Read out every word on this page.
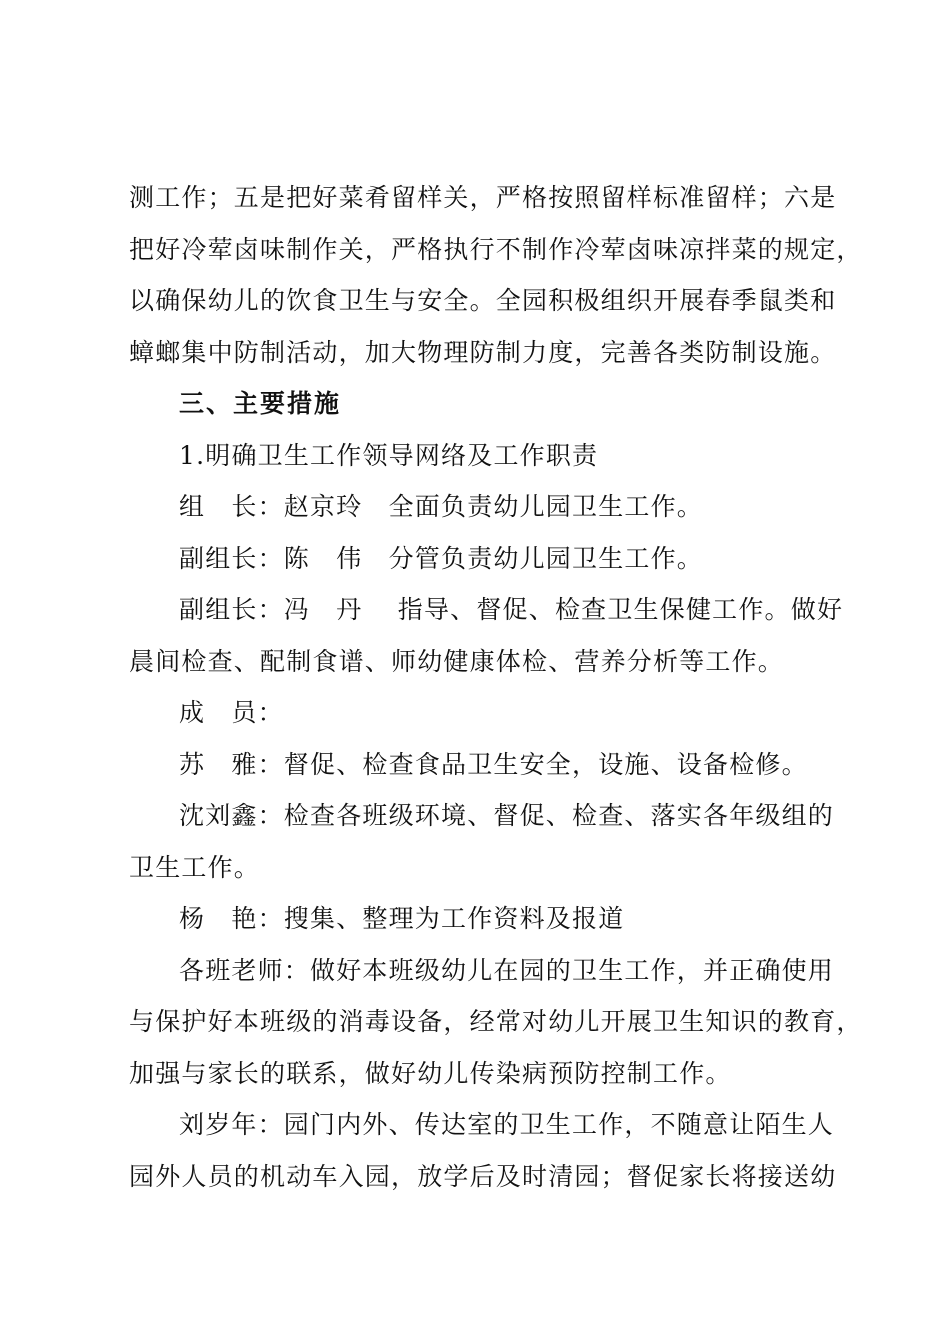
测工作；五是把好菜肴留样关，严格按照留样标准留样；六是
把好冷荤卤味制作关，严格执行不制作冷荤卤味凉拌菜的规定，
以确保幼儿的饮食卫生与安全。全园积极组织开展春季鼠类和
蟑螂集中防制活动，加大物理防制力度，完善各类防制设施。
三、主要措施
1.明确卫生工作领导网络及工作职责
组　长：赵京玲　全面负责幼儿园卫生工作。
副组长：陈　伟　分管负责幼儿园卫生工作。
副组长：冯　丹　 指导、督促、检查卫生保健工作。做好
晨间检查、配制食谱、师幼健康体检、营养分析等工作。
成　员：
苏　雅：督促、检查食品卫生安全，设施、设备检修。
沈刘鑫：检查各班级环境、督促、检查、落实各年级组的
卫生工作。
杨　艳：搜集、整理为工作资料及报道
各班老师：做好本班级幼儿在园的卫生工作，并正确使用
与保护好本班级的消毒设备，经常对幼儿开展卫生知识的教育，
加强与家长的联系，做好幼儿传染病预防控制工作。
刘岁年：园门内外、传达室的卫生工作，不随意让陌生人
园外人员的机动车入园，放学后及时清园；督促家长将接送幼
